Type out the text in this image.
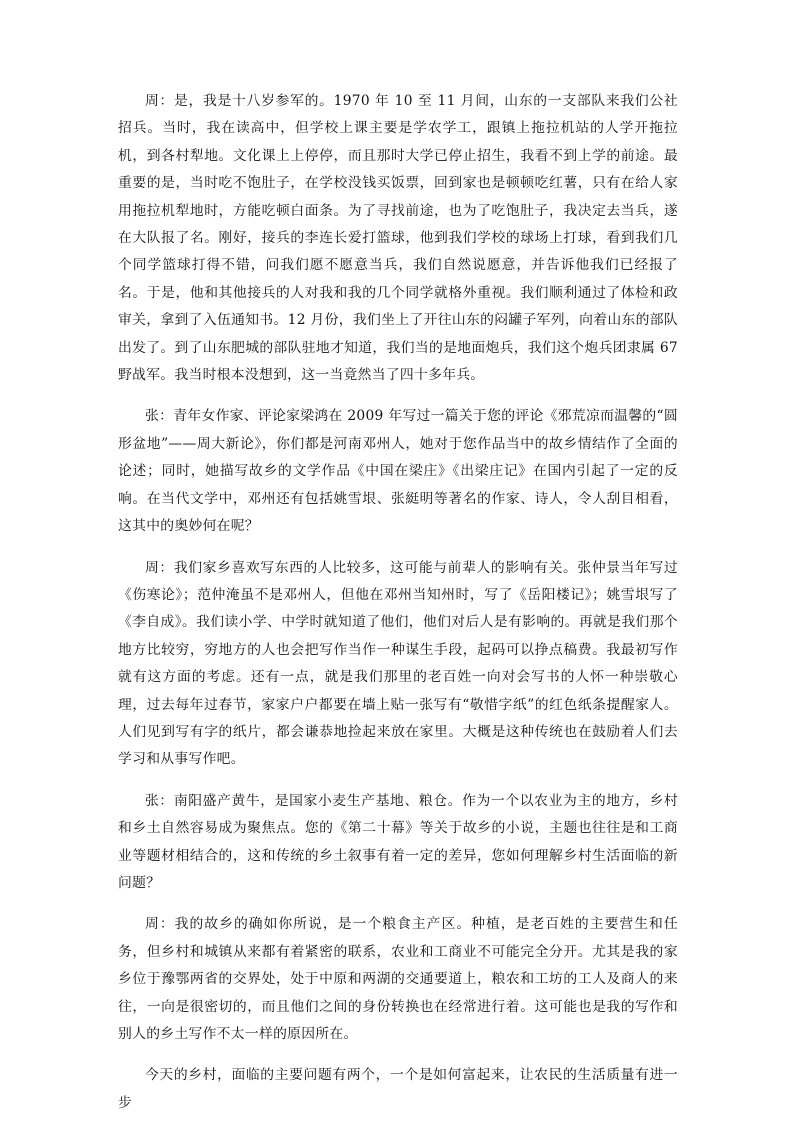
周：是，我是十八岁参军的。1970 年 10 至 11 月间，山东的一支部队来我们公社招兵。当时，我在读高中，但学校上课主要是学农学工，跟镇上拖拉机站的人学开拖拉机，到各村犁地。文化课上上停停，而且那时大学已停止招生，我看不到上学的前途。最重要的是，当时吃不饱肚子，在学校没钱买饭票，回到家也是顿顿吃红薯，只有在给人家用拖拉机犁地时，方能吃顿白面条。为了寻找前途，也为了吃饱肚子，我决定去当兵，遂在大队报了名。刚好，接兵的李连长爱打篮球，他到我们学校的球场上打球，看到我们几个同学篮球打得不错，问我们愿不愿意当兵，我们自然说愿意，并告诉他我们已经报了名。于是，他和其他接兵的人对我和我的几个同学就格外重视。我们顺利通过了体检和政审关，拿到了入伍通知书。12 月份，我们坐上了开往山东的闷罐子军列，向着山东的部队出发了。到了山东肥城的部队驻地才知道，我们当的是地面炮兵，我们这个炮兵团隶属 67 野战军。我当时根本没想到，这一当竟然当了四十多年兵。

张：青年女作家、评论家梁鸿在 2009 年写过一篇关于您的评论《邪荒凉而温馨的“圆形盆地”——周大新论》，你们都是河南邓州人，她对于您作品当中的故乡情结作了全面的论述；同时，她描写故乡的文学作品《中国在梁庄》《出梁庄记》在国内引起了一定的反响。在当代文学中，邓州还有包括姚雪垠、张綎明等著名的作家、诗人，令人刮目相看，这其中的奥妙何在呢？

周：我们家乡喜欢写东西的人比较多，这可能与前辈人的影响有关。张仲景当年写过《伤寒论》；范仲淹虽不是邓州人，但他在邓州当知州时，写了《岳阳楼记》；姚雪垠写了《李自成》。我们读小学、中学时就知道了他们，他们对后人是有影响的。再就是我们那个地方比较穷，穷地方的人也会把写作当作一种谋生手段，起码可以挣点稿费。我最初写作就有这方面的考虑。还有一点，就是我们那里的老百姓一向对会写书的人怀一种崇敬心理，过去每年过春节，家家户户都要在墙上贴一张写有“敬惜字纸”的红色纸条提醒家人。人们见到写有字的纸片，都会谦恭地捡起来放在家里。大概是这种传统也在鼓励着人们去学习和从事写作吧。

张：南阳盛产黄牛，是国家小麦生产基地、粮仓。作为一个以农业为主的地方，乡村和乡土自然容易成为聚焦点。您的《第二十幕》等关于故乡的小说，主题也往往是和工商业等题材相结合的，这和传统的乡土叙事有着一定的差异，您如何理解乡村生活面临的新问题？

周：我的故乡的确如你所说，是一个粮食主产区。种植，是老百姓的主要营生和任务，但乡村和城镇从来都有着紧密的联系，农业和工商业不可能完全分开。尤其是我的家乡位于豫鄂两省的交界处，处于中原和两湖的交通要道上，粮农和工坊的工人及商人的来往，一向是很密切的，而且他们之间的身份转换也在经常进行着。这可能也是我的写作和别人的乡土写作不太一样的原因所在。

今天的乡村，面临的主要问题有两个，一个是如何富起来，让农民的生活质量有进一步
